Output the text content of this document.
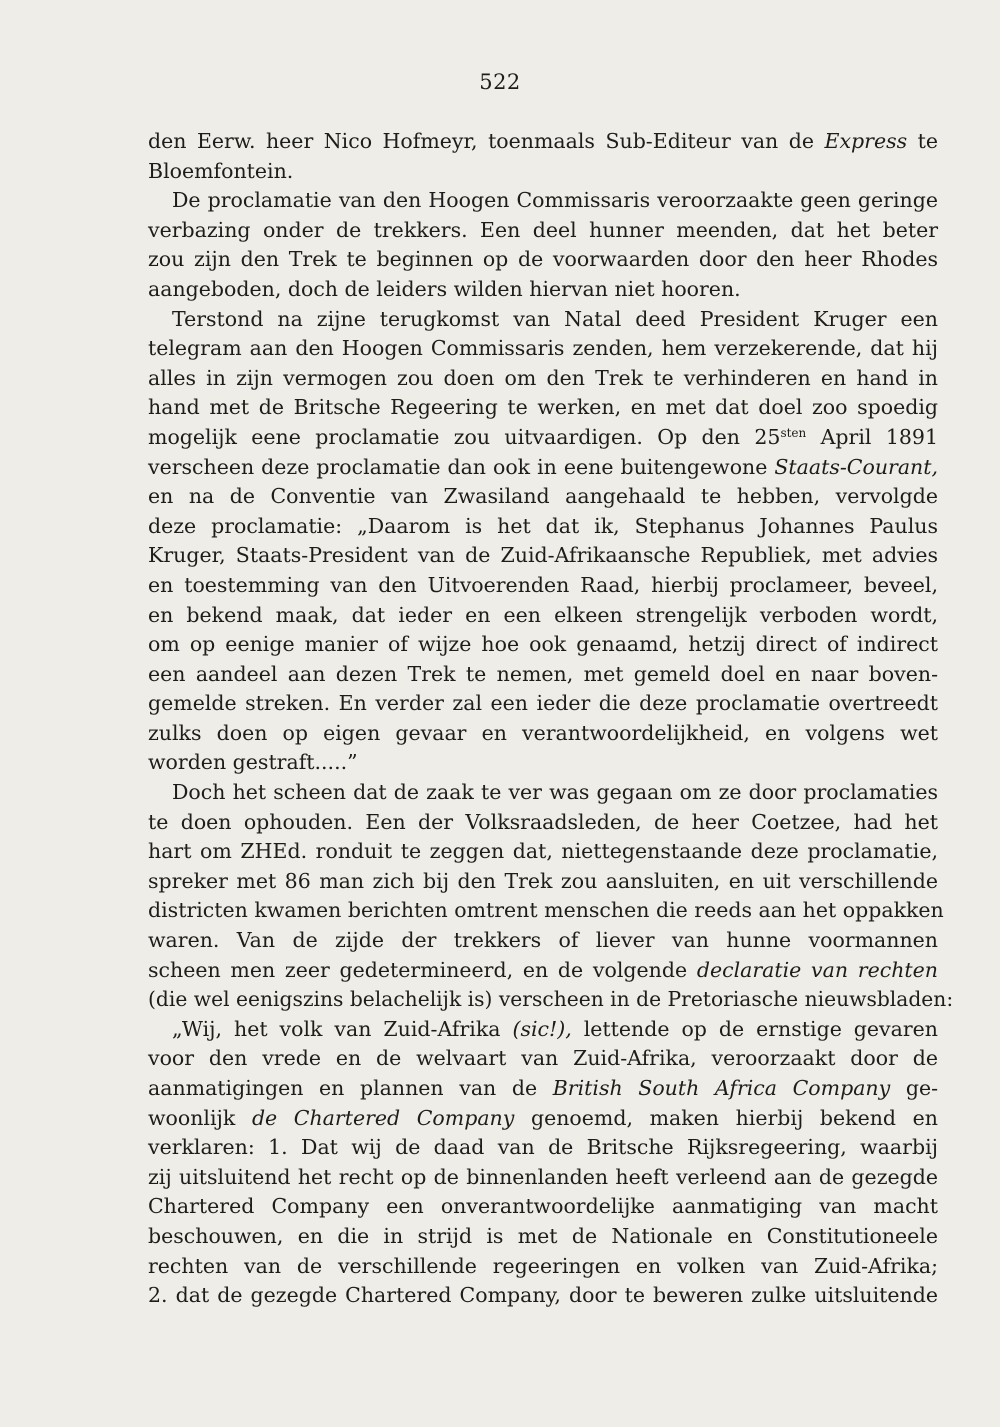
522
den Eerw. heer Nico Hofmeyr, toenmaals Sub-Editeur van de Express te
Bloemfontein.
De proclamatie van den Hoogen Commissaris veroorzaakte geen geringe
verbazing onder de trekkers. Een deel hunner meenden, dat het beter
zou zijn den Trek te beginnen op de voorwaarden door den heer Rhodes
aangeboden, doch de leiders wilden hiervan niet hooren.
Terstond na zijne terugkomst van Natal deed President Kruger een
telegram aan den Hoogen Commissaris zenden, hem verzekerende, dat hij
alles in zijn vermogen zou doen om den Trek te verhinderen en hand in
hand met de Britsche Regeering te werken, en met dat doel zoo spoedig
mogelijk eene proclamatie zou uitvaardigen. Op den $25^{sten}$ April 1891
verscheen deze proclamatie dan ook in eene buitengewone Staats-Courant,
en na de Conventie van Zwasiland aangehaald te hebben, vervolgde
deze proclamatie: „Daarom is het dat ik, Stephanus Johannes Paulus
Kruger, Staats-President van de Zuid-Afrikaansche Republiek, met advies
en toestemming van den Uitvoerenden Raad, hierbij proclameer, beveel,
en bekend maak, dat ieder en een elkeen strengelijk verboden wordt,
om op eenige manier of wijze hoe ook genaamd, hetzij direct of indirect
een aandeel aan dezen Trek te nemen, met gemeld doel en naar boven-
gemelde streken. En verder zal een ieder die deze proclamatie overtreedt
zulks doen op eigen gevaar en verantwoordelijkheid, en volgens wet
worden gestraft.....”
Doch het scheen dat de zaak te ver was gegaan om ze door proclamaties
te doen ophouden. Een der Volksraadsleden, de heer Coetzee, had het
hart om ZHEd. ronduit te zeggen dat, niettegenstaande deze proclamatie,
spreker met 86 man zich bij den Trek zou aansluiten, en uit verschillende
districten kwamen berichten omtrent menschen die reeds aan het oppakken
waren. Van de zijde der trekkers of liever van hunne voormannen
scheen men zeer gedetermineerd, en de volgende declaratie van rechten
(die wel eenigszins belachelijk is) verscheen in de Pretoriasche nieuwsbladen:
„Wij, het volk van Zuid-Afrika (sic!), lettende op de ernstige gevaren
voor den vrede en de welvaart van Zuid-Afrika, veroorzaakt door de
aanmatigingen en plannen van de British South Africa Company ge-
woonlijk de Chartered Company genoemd, maken hierbij bekend en
verklaren: 1. Dat wij de daad van de Britsche Rijksregeering, waarbij
zij uitsluitend het recht op de binnenlanden heeft verleend aan de gezegde
Chartered Company een onverantwoordelijke aanmatiging van macht
beschouwen, en die in strijd is met de Nationale en Constitutioneele
rechten van de verschillende regeeringen en volken van Zuid-Afrika;
2. dat de gezegde Chartered Company, door te beweren zulke uitsluitende
